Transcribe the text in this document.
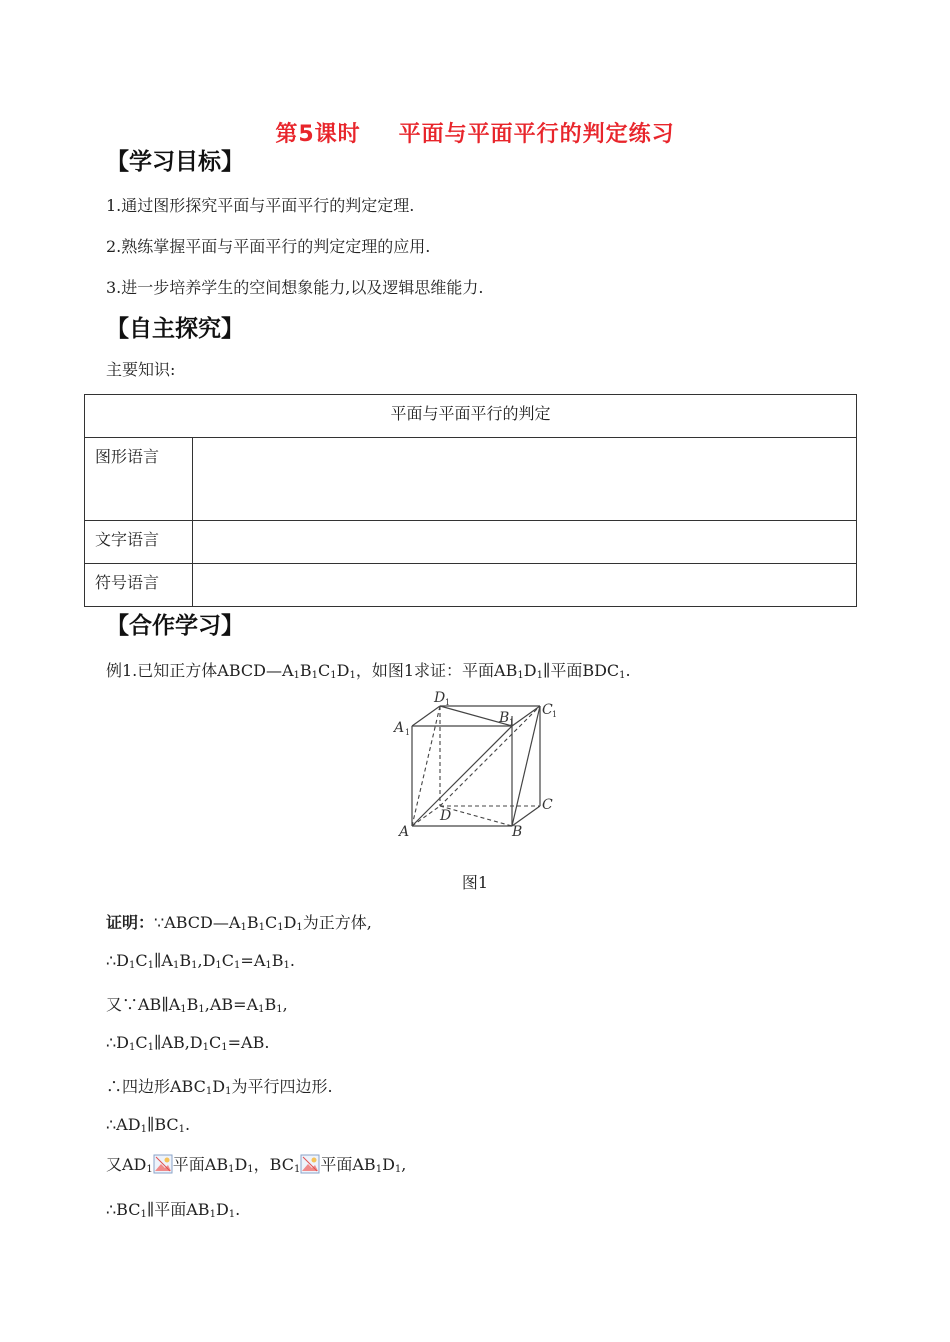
第5课时 平面与平面平行的判定练习
【学习目标】
1.通过图形探究平面与平面平行的判定定理.
2.熟练掌握平面与平面平行的判定定理的应用.
3.进一步培养学生的空间想象能力,以及逻辑思维能力.
【自主探究】
主要知识:
平面与平面平行的判定	
图形语言	
文字语言	
符号语言	
【合作学习】
例1.已知正方体$ABCD—A_1B_1C_1D_1$，如图1求证：平面$AB_1D_1\parallel$平面$BDC_1$.
A	B
C
D
A
B C
D
1
1
1
1
图1
证明：$\because ABCD—A_1B_1C_1D_1$为正方体,
$\therefore D_1C_1\parallel A_1B_1,D_1C_1=A_1B_1$.
又$\because AB\parallel A_1B_1,AB=A_1B_1$,
$\therefore D_1C_1\parallel AB,D_1C_1=AB$.
∴四边形$ABC_1D_1$为平行四边形.
$\therefore AD_1\parallel BC_1$.
又$AD_1$ 平面$AB_1D_1$，$BC_1$ 平面$AB_1D_1$,
$\therefore BC_1\parallel$平面$AB_1D_1$.
